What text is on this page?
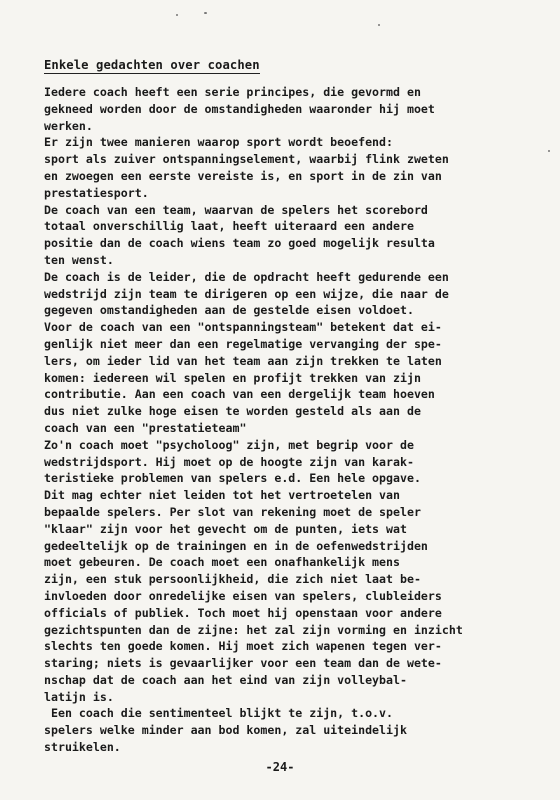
Enkele gedachten over coachen
Iedere coach heeft een serie principes, die gevormd en
gekneed worden door de omstandigheden waaronder hij moet
werken.
Er zijn twee manieren waarop sport wordt beoefend:
sport als zuiver ontspanningselement, waarbij flink zweten
en zwoegen een eerste vereiste is, en sport in de zin van
prestatiesport.
De coach van een team, waarvan de spelers het scorebord
totaal onverschillig laat, heeft uiteraard een andere
positie dan de coach wiens team zo goed mogelijk resulta
ten wenst.
De coach is de leider, die de opdracht heeft gedurende een
wedstrijd zijn team te dirigeren op een wijze, die naar de
gegeven omstandigheden aan de gestelde eisen voldoet.
Voor de coach van een "ontspanningsteam" betekent dat ei-
genlijk niet meer dan een regelmatige vervanging der spe-
lers, om ieder lid van het team aan zijn trekken te laten
komen: iedereen wil spelen en profijt trekken van zijn
contributie. Aan een coach van een dergelijk team hoeven
dus niet zulke hoge eisen te worden gesteld als aan de
coach van een "prestatieteam"
Zo'n coach moet "psycholoog" zijn, met begrip voor de
wedstrijdsport. Hij moet op de hoogte zijn van karak-
teristieke problemen van spelers e.d. Een hele opgave.
Dit mag echter niet leiden tot het vertroetelen van
bepaalde spelers. Per slot van rekening moet de speler
"klaar" zijn voor het gevecht om de punten, iets wat
gedeeltelijk op de trainingen en in de oefenwedstrijden
moet gebeuren. De coach moet een onafhankelijk mens
zijn, een stuk persoonlijkheid, die zich niet laat be-
invloeden door onredelijke eisen van spelers, clubleiders
officials of publiek. Toch moet hij openstaan voor andere
gezichtspunten dan de zijne: het zal zijn vorming en inzicht
slechts ten goede komen. Hij moet zich wapenen tegen ver-
staring; niets is gevaarlijker voor een team dan de wete-
nschap dat de coach aan het eind van zijn volleybal-
latijn is.
Een coach die sentimenteel blijkt te zijn, t.o.v.
spelers welke minder aan bod komen, zal uiteindelijk
struikelen.
-24-
